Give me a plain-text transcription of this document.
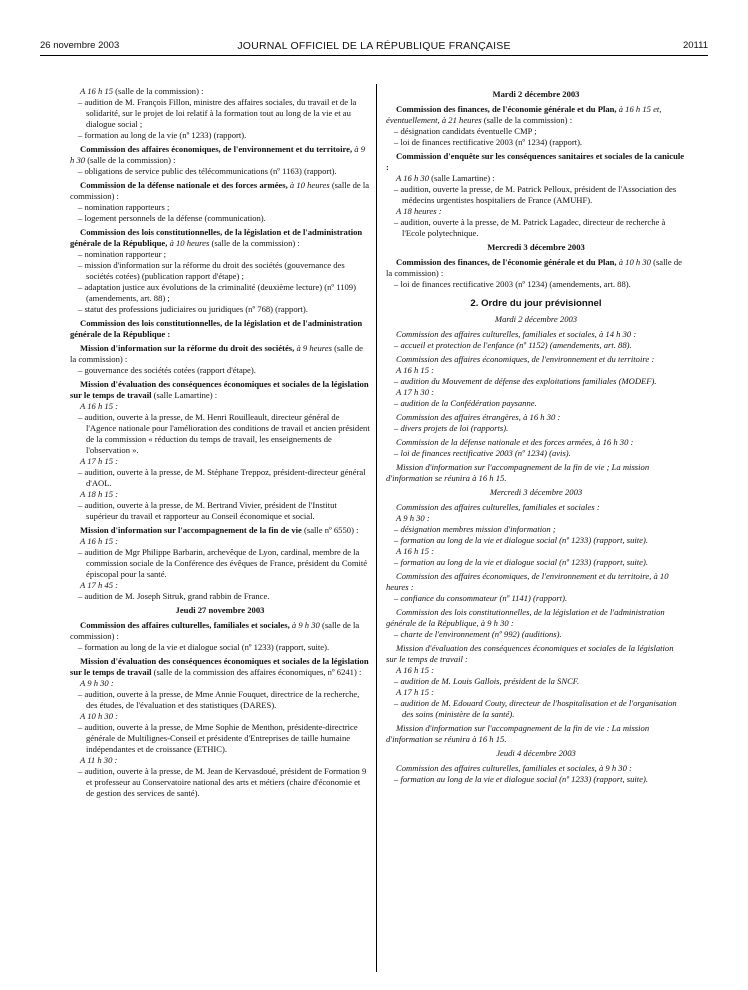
26 novembre 2003	JOURNAL OFFICIEL DE LA RÉPUBLIQUE FRANÇAISE	20111
A 16 h 15 (salle de la commission) :
– audition de M. François Fillon, ministre des affaires sociales, du travail et de la solidarité, sur le projet de loi relatif à la formation tout au long de la vie et au dialogue social ;
– formation au long de la vie (nº 1233) (rapport).
Commission des affaires économiques, de l'environnement et du territoire, à 9 h 30 (salle de la commission) :
– obligations de service public des télécommunications (nº 1163) (rapport).
Commission de la défense nationale et des forces armées, à 10 heures (salle de la commission) :
– nomination rapporteurs ;
– logement personnels de la défense (communication).
Commission des lois constitutionnelles, de la législation et de l'administration générale de la République, à 10 heures (salle de la commission) :
– nomination rapporteur ;
– mission d'information sur la réforme du droit des sociétés (gouvernance des sociétés cotées) (publication rapport d'étape) ;
– adaptation justice aux évolutions de la criminalité (deuxième lecture) (nº 1109) (amendements, art. 88) ;
– statut des professions judiciaires ou juridiques (nº 768) (rapport).
Commission des lois constitutionnelles, de la législation et de l'administration générale de la République :
Mission d'information sur la réforme du droit des sociétés, à 9 heures (salle de la commission) :
– gouvernance des sociétés cotées (rapport d'étape).
Mission d'évaluation des conséquences économiques et sociales de la législation sur le temps de travail (salle Lamartine) :
A 16 h 15 :
– audition, ouverte à la presse, de M. Henri Rouilleault, directeur général de l'Agence nationale pour l'amélioration des conditions de travail et ancien président de la commission « réduction du temps de travail, les enseignements de l'observation ».
A 17 h 15 :
– audition, ouverte à la presse, de M. Stéphane Treppoz, président-directeur général d'AOL.
A 18 h 15 :
– audition, ouverte à la presse, de M. Bertrand Vivier, président de l'Institut supérieur du travail et rapporteur au Conseil économique et social.
Mission d'information sur l'accompagnement de la fin de vie (salle nº 6550) :
A 16 h 15 :
– audition de Mgr Philippe Barbarin, archevêque de Lyon, cardinal, membre de la commission sociale de la Conférence des évêques de France, président du Comité épiscopal pour la santé.
A 17 h 45 :
– audition de M. Joseph Sitruk, grand rabbin de France.
Jeudi 27 novembre 2003
Commission des affaires culturelles, familiales et sociales, à 9 h 30 (salle de la commission) :
– formation au long de la vie et dialogue social (nº 1233) (rapport, suite).
Mission d'évaluation des conséquences économiques et sociales de la législation sur le temps de travail (salle de la commission des affaires économiques, nº 6241) :
A 9 h 30 :
– audition, ouverte à la presse, de Mme Annie Fouquet, directrice de la recherche, des études, de l'évaluation et des statistiques (DARES).
A 10 h 30 :
– audition, ouverte à la presse, de Mme Sophie de Menthon, présidente-directrice générale de Multilignes-Conseil et présidente d'Entreprises de taille humaine indépendantes et de croissance (ETHIC).
A 11 h 30 :
– audition, ouverte à la presse, de M. Jean de Kervasdoué, président de Formation 9 et professeur au Conservatoire national des arts et métiers (chaire d'économie et de gestion des services de santé).
Mardi 2 décembre 2003
Commission des finances, de l'économie générale et du Plan, à 16 h 15 et, éventuellement, à 21 heures (salle de la commission) :
– désignation candidats éventuelle CMP ;
– loi de finances rectificative 2003 (nº 1234) (rapport).
Commission d'enquête sur les conséquences sanitaires et sociales de la canicule :
A 16 h 30 (salle Lamartine) :
– audition, ouverte la presse, de M. Patrick Pelloux, président de l'Association des médecins urgentistes hospitaliers de France (AMUHF).
A 18 heures :
– audition, ouverte à la presse, de M. Patrick Lagadec, directeur de recherche à l'Ecole polytechnique.
Mercredi 3 décembre 2003
Commission des finances, de l'économie générale et du Plan, à 10 h 30 (salle de la commission) :
– loi de finances rectificative 2003 (nº 1234) (amendements, art. 88).
2. Ordre du jour prévisionnel
Mardi 2 décembre 2003
Commission des affaires culturelles, familiales et sociales, à 14 h 30 :
– accueil et protection de l'enfance (nº 1152) (amendements, art. 88).
Commission des affaires économiques, de l'environnement et du territoire :
A 16 h 15 :
– audition du Mouvement de défense des exploitations familiales (MODEF).
A 17 h 30 :
– audition de la Confédération paysanne.
Commission des affaires étrangères, à 16 h 30 :
– divers projets de loi (rapports).
Commission de la défense nationale et des forces armées, à 16 h 30 :
– loi de finances rectificative 2003 (nº 1234) (avis).
Mission d'information sur l'accompagnement de la fin de vie ; La mission d'information se réunira à 16 h 15.
Mercredi 3 décembre 2003
Commission des affaires culturelles, familiales et sociales :
A 9 h 30 :
– désignation membres mission d'information ;
– formation au long de la vie et dialogue social (nº 1233) (rapport, suite).
A 16 h 15 :
– formation au long de la vie et dialogue social (nº 1233) (rapport, suite).
Commission des affaires économiques, de l'environnement et du territoire, à 10 heures :
– confiance du consommateur (nº 1141) (rapport).
Commission des lois constitutionnelles, de la législation et de l'administration générale de la République, à 9 h 30 :
– charte de l'environnement (nº 992) (auditions).
Mission d'évaluation des conséquences économiques et sociales de la législation sur le temps de travail :
A 16 h 15 :
– audition de M. Louis Gallois, président de la SNCF.
A 17 h 15 :
– audition de M. Edouard Couty, directeur de l'hospitalisation et de l'organisation des soins (ministère de la santé).
Mission d'information sur l'accompagnement de la fin de vie : La mission d'information se réunira à 16 h 15.
Jeudi 4 décembre 2003
Commission des affaires culturelles, familiales et sociales, à 9 h 30 :
– formation au long de la vie et dialogue social (nº 1233) (rapport, suite).
